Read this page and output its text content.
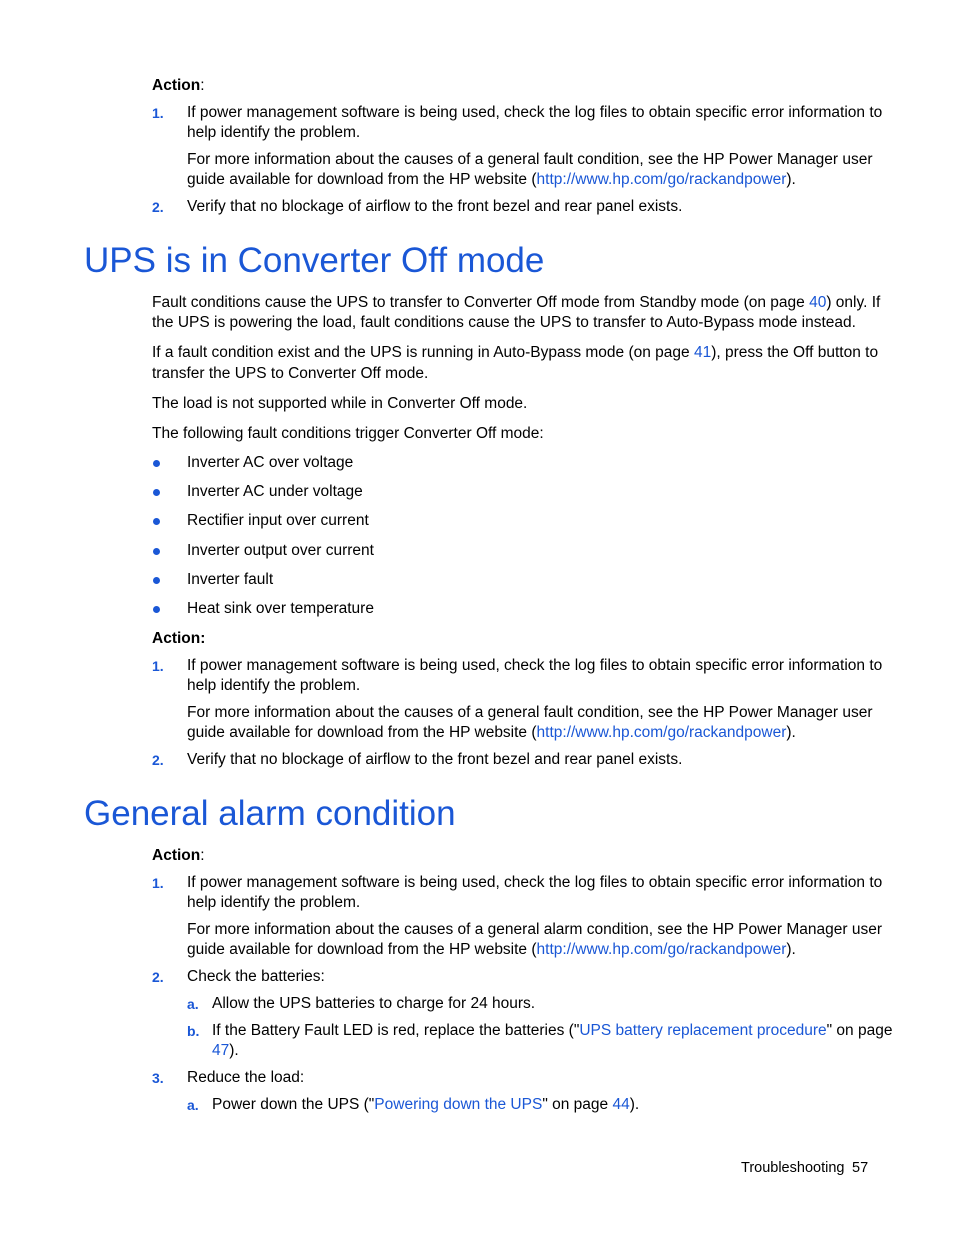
Action:
1. If power management software is being used, check the log files to obtain specific error information to
help identify the problem.
For more information about the causes of a general fault condition, see the HP Power Manager user
guide available for download from the HP website (http://www.hp.com/go/rackandpower).
2. Verify that no blockage of airflow to the front bezel and rear panel exists.
UPS is in Converter Off mode
Fault conditions cause the UPS to transfer to Converter Off mode from Standby mode (on page 40) only. If
the UPS is powering the load, fault conditions cause the UPS to transfer to Auto-Bypass mode instead.
If a fault condition exist and the UPS is running in Auto-Bypass mode (on page 41), press the Off button to
transfer the UPS to Converter Off mode.
The load is not supported while in Converter Off mode.
The following fault conditions trigger Converter Off mode:
Inverter AC over voltage
Inverter AC under voltage
Rectifier input over current
Inverter output over current
Inverter fault
Heat sink over temperature
Action:
1. If power management software is being used, check the log files to obtain specific error information to
help identify the problem.
For more information about the causes of a general fault condition, see the HP Power Manager user
guide available for download from the HP website (http://www.hp.com/go/rackandpower).
2. Verify that no blockage of airflow to the front bezel and rear panel exists.
General alarm condition
Action:
1. If power management software is being used, check the log files to obtain specific error information to
help identify the problem.
For more information about the causes of a general alarm condition, see the HP Power Manager user
guide available for download from the HP website (http://www.hp.com/go/rackandpower).
2. Check the batteries:
a. Allow the UPS batteries to charge for 24 hours.
b. If the Battery Fault LED is red, replace the batteries ("UPS battery replacement procedure" on page
47).
3. Reduce the load:
a. Power down the UPS ("Powering down the UPS" on page 44).
Troubleshooting 57
